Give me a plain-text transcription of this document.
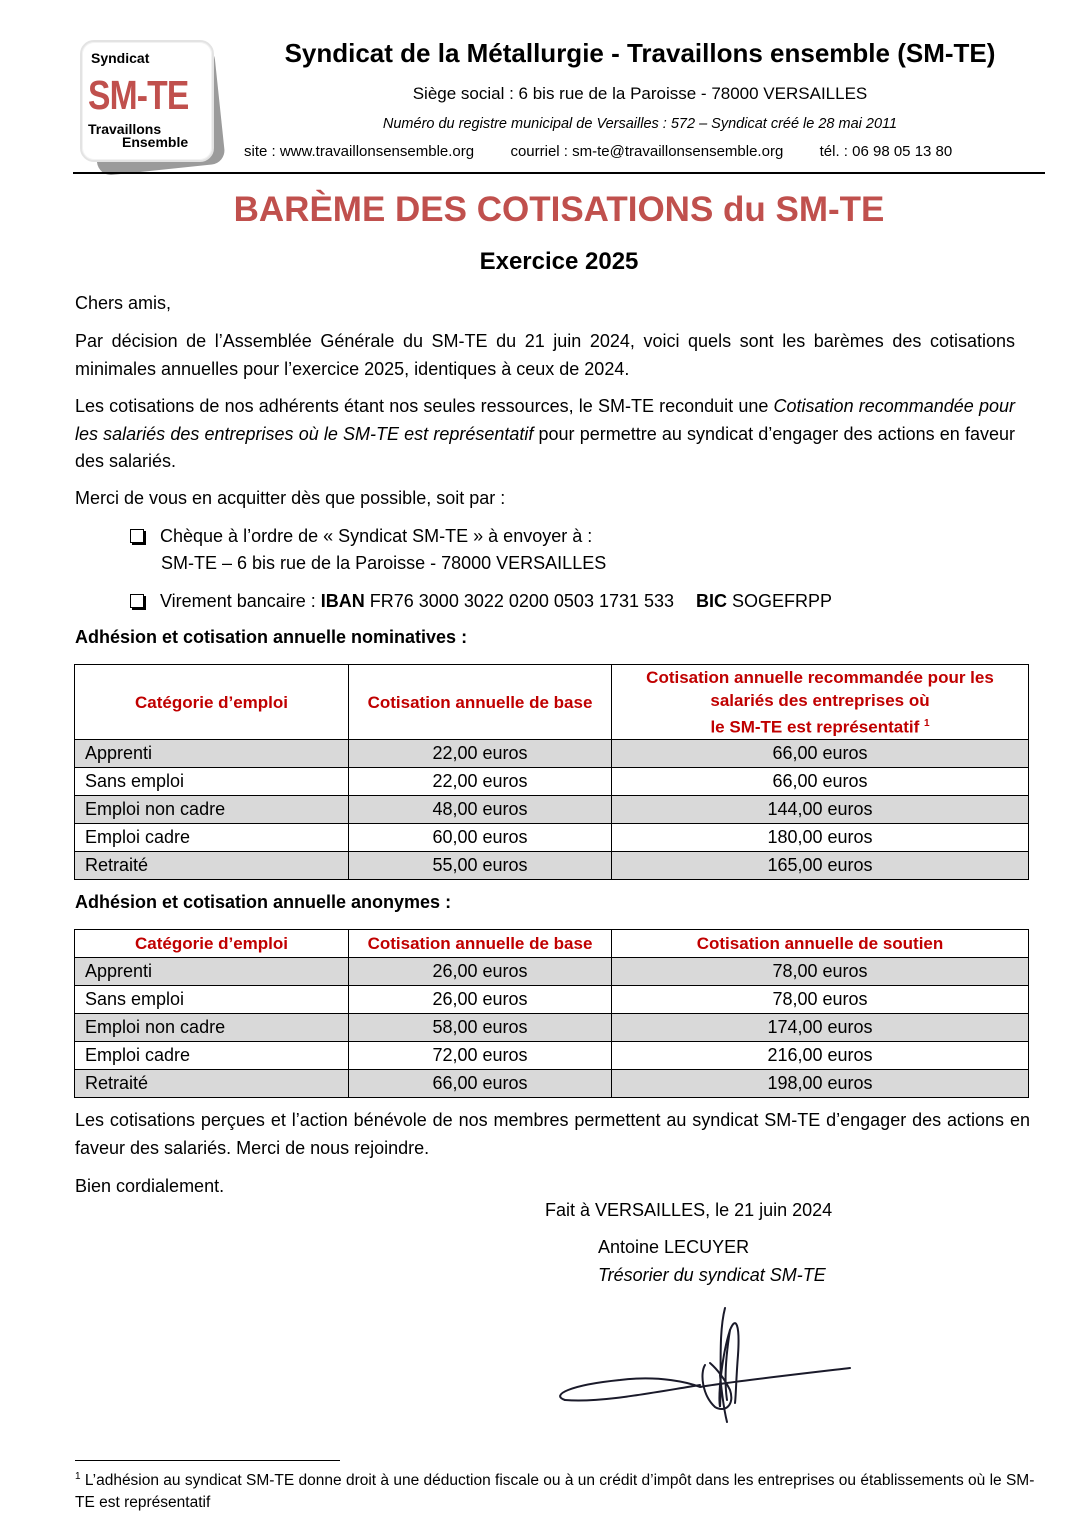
Syndicat
SM-TE
Travaillons
Ensemble
Syndicat de la Métallurgie - Travaillons ensemble (SM-TE)
Siège social : 6 bis rue de la Paroisse - 78000 VERSAILLES
Numéro du registre municipal de Versailles : 572 – Syndicat créé le 28 mai 2011
site : www.travaillonsensemble.org courriel : sm-te@travaillonsensemble.org tél. : 06 98 05 13 80
BARÈME DES COTISATIONS du SM-TE
Exercice 2025
Chers amis,
Par décision de l’Assemblée Générale du SM-TE du 21 juin 2024, voici quels sont les barèmes des cotisations minimales annuelles pour l’exercice 2025, identiques à ceux de 2024.
Les cotisations de nos adhérents étant nos seules ressources, le SM-TE reconduit une Cotisation recommandée pour les salariés des entreprises où le SM-TE est représentatif pour permettre au syndicat d’engager des actions en faveur des salariés.
Merci de vous en acquitter dès que possible, soit par :
Chèque à l’ordre de « Syndicat SM-TE » à envoyer à :
SM-TE – 6 bis rue de la Paroisse - 78000 VERSAILLES
Virement bancaire : IBAN FR76 3000 3022 0200 0503 1731 533 BIC SOGEFRPP
Adhésion et cotisation annuelle nominatives :
Catégorie d’emploi	Cotisation annuelle de base	Cotisation annuelle recommandée pour les
salariés des entreprises où
le SM-TE est représentatif $^1$
Apprenti	22,00 euros	66,00 euros
Sans emploi	22,00 euros	66,00 euros
Emploi non cadre	48,00 euros	144,00 euros
Emploi cadre	60,00 euros	180,00 euros
Retraité	55,00 euros	165,00 euros
Adhésion et cotisation annuelle anonymes :
Catégorie d’emploi	Cotisation annuelle de base	Cotisation annuelle de soutien
Apprenti	26,00 euros	78,00 euros
Sans emploi	26,00 euros	78,00 euros
Emploi non cadre	58,00 euros	174,00 euros
Emploi cadre	72,00 euros	216,00 euros
Retraité	66,00 euros	198,00 euros
Les cotisations perçues et l’action bénévole de nos membres permettent au syndicat SM-TE d’engager des actions en faveur des salariés. Merci de nous rejoindre.
Bien cordialement.
Fait à VERSAILLES, le 21 juin 2024
Antoine LECUYER
Trésorier du syndicat SM-TE
$^1$ L’adhésion au syndicat SM-TE donne droit à une déduction fiscale ou à un crédit d’impôt dans les entreprises ou établissements où le SM-TE est représentatif
